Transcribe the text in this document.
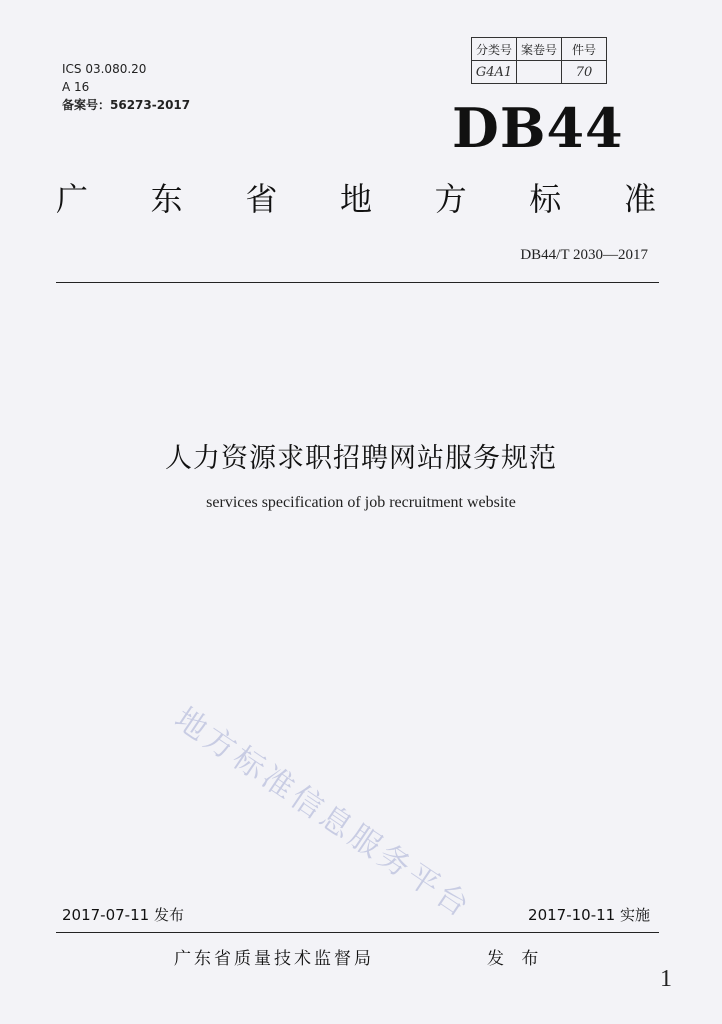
ICS 03.080.20
A 16
备案号：56273-2017
分类号	案卷号	件号
G4A1		70
DB44
广 东 省 地 方 标 准
DB44/T 2030—2017
人力资源求职招聘网站服务规范
services specification of job recruitment website
地方标准信息服务平台
2017-07-11 发布	2017-10-11 实施
广东省质量技术监督局	发 布
1
